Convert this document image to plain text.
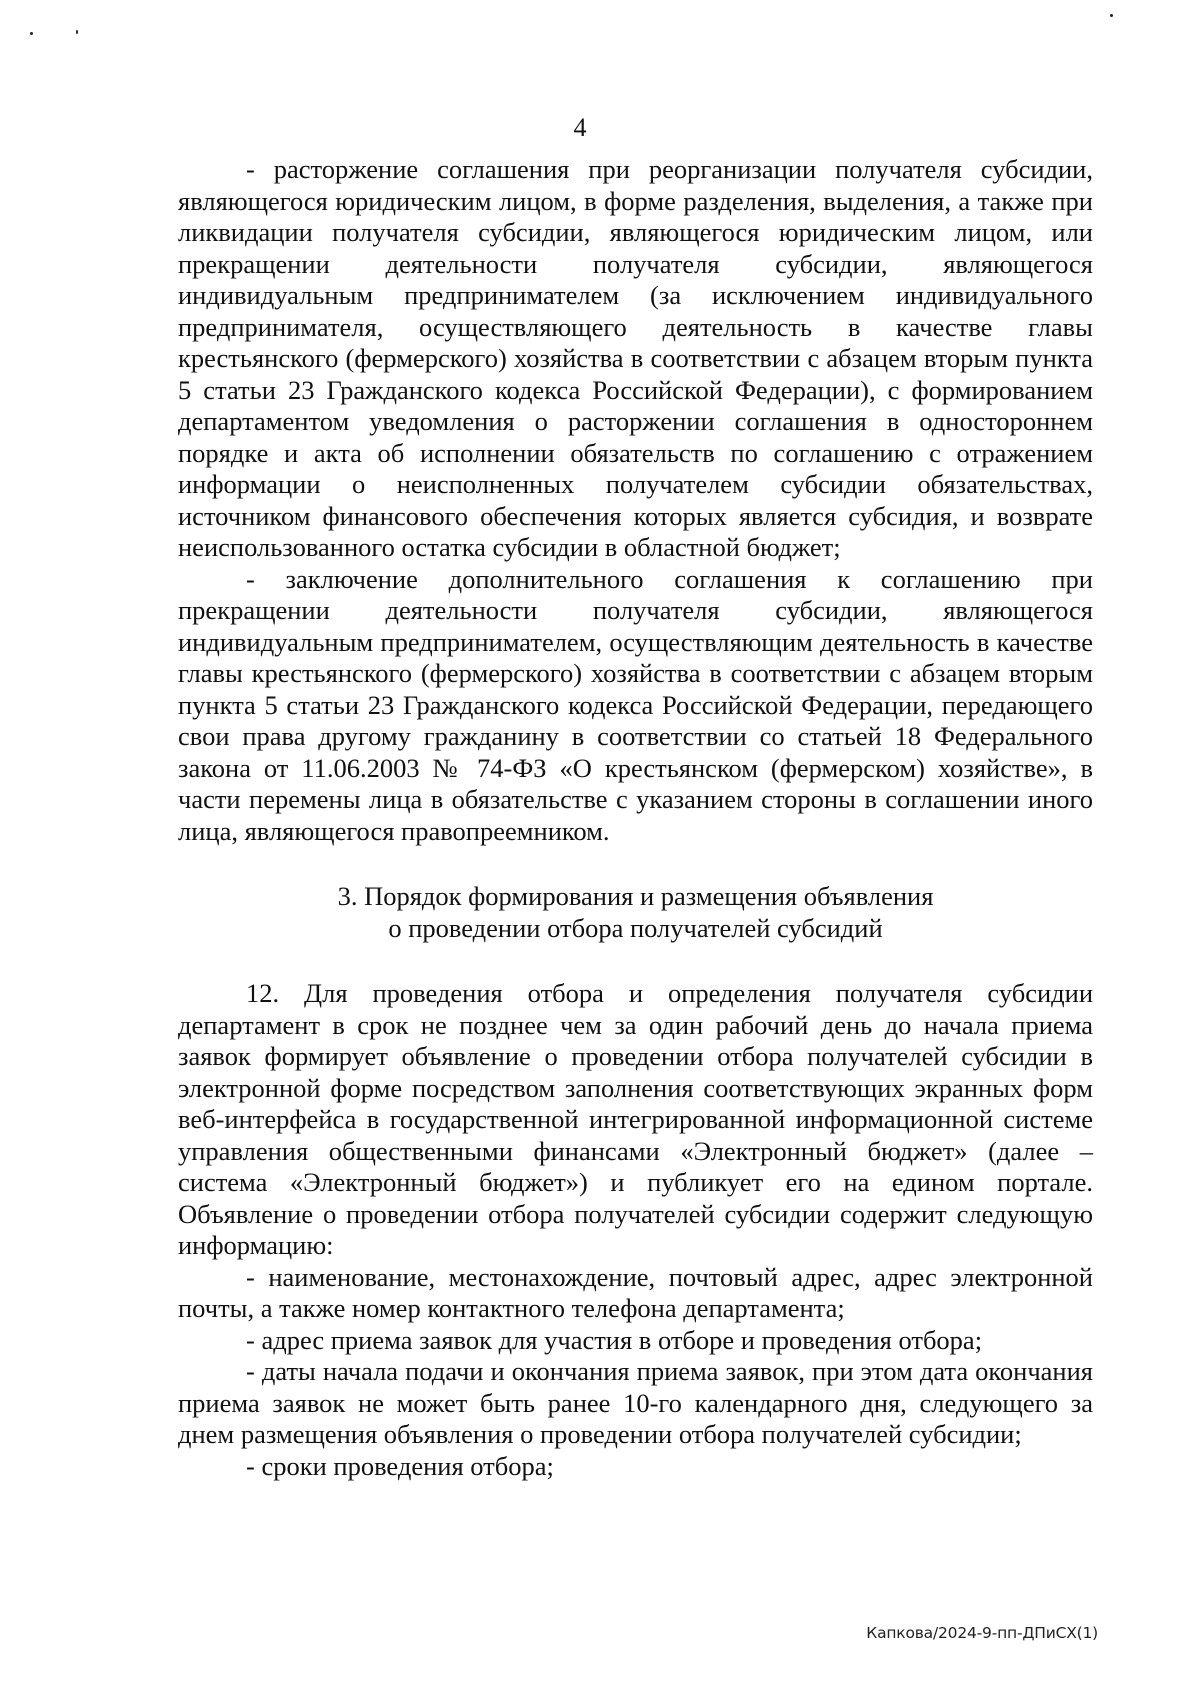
4

- расторжение соглашения при реорганизации получателя субсидии, являющегося юридическим лицом, в форме разделения, выделения, а также при ликвидации получателя субсидии, являющегося юридическим лицом, или прекращении деятельности получателя субсидии, являющегося индивидуальным предпринимателем (за исключением индивидуального предпринимателя, осуществляющего деятельность в качестве главы крестьянского (фермерского) хозяйства в соответствии с абзацем вторым пункта 5 статьи 23 Гражданского кодекса Российской Федерации), с формированием департаментом уведомления о расторжении соглашения в одностороннем порядке и акта об исполнении обязательств по соглашению с отражением информации о неисполненных получателем субсидии обязательствах, источником финансового обеспечения которых является субсидия, и возврате неиспользованного остатка субсидии в областной бюджет;

- заключение дополнительного соглашения к соглашению при прекращении деятельности получателя субсидии, являющегося индивидуальным предпринимателем, осуществляющим деятельность в качестве главы крестьянского (фермерского) хозяйства в соответствии с абзацем вторым пункта 5 статьи 23 Гражданского кодекса Российской Федерации, передающего свои права другому гражданину в соответствии со статьей 18 Федерального закона от 11.06.2003 № 74-ФЗ «О крестьянском (фермерском) хозяйстве», в части перемены лица в обязательстве с указанием стороны в соглашении иного лица, являющегося правопреемником.

3. Порядок формирования и размещения объявления
о проведении отбора получателей субсидий

12. Для проведения отбора и определения получателя субсидии департамент в срок не позднее чем за один рабочий день до начала приема заявок формирует объявление о проведении отбора получателей субсидии в электронной форме посредством заполнения соответствующих экранных форм веб-интерфейса в государственной интегрированной информационной системе управления общественными финансами «Электронный бюджет» (далее – система «Электронный бюджет») и публикует его на едином портале. Объявление о проведении отбора получателей субсидии содержит следующую информацию:

- наименование, местонахождение, почтовый адрес, адрес электронной почты, а также номер контактного телефона департамента;

- адрес приема заявок для участия в отборе и проведения отбора;

- даты начала подачи и окончания приема заявок, при этом дата окончания приема заявок не может быть ранее 10-го календарного дня, следующего за днем размещения объявления о проведении отбора получателей субсидии;

- сроки проведения отбора;

Капкова/2024-9-пп-ДПиСХ(1)
